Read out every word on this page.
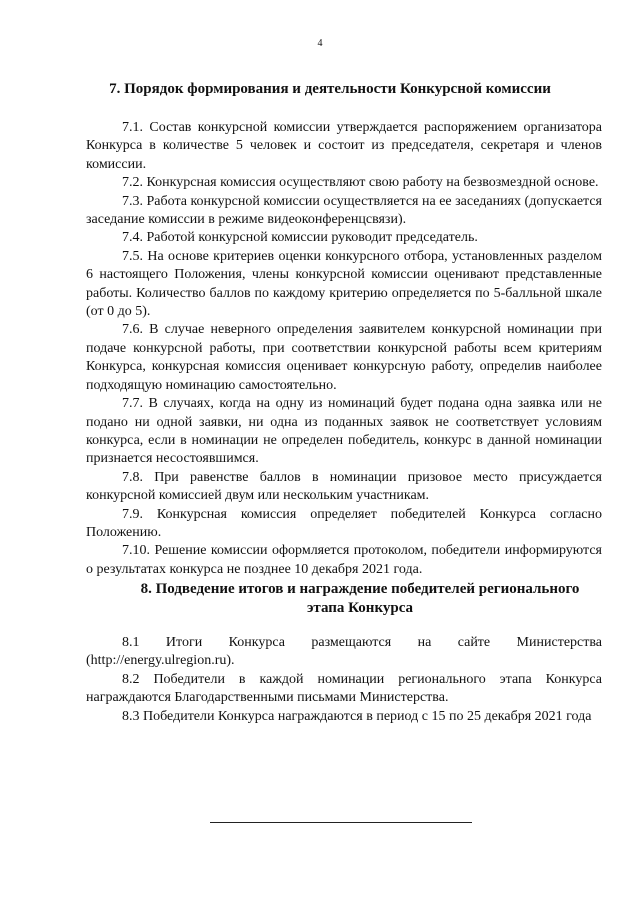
4
7. Порядок формирования и деятельности Конкурсной комиссии

7.1. Состав конкурсной комиссии утверждается распоряжением организатора Конкурса в количестве 5 человек и состоит из председателя, секретаря и членов комиссии.

7.2. Конкурсная комиссия осуществляют свою работу на безвозмездной основе.

7.3. Работа конкурсной комиссии осуществляется на ее заседаниях (допускается заседание комиссии в режиме видеоконференцсвязи).

7.4. Работой конкурсной комиссии руководит председатель.

7.5. На основе критериев оценки конкурсного отбора, установленных разделом 6 настоящего Положения, члены конкурсной комиссии оценивают представленные работы. Количество баллов по каждому критерию определяется по 5-балльной шкале (от 0 до 5).

7.6. В случае неверного определения заявителем конкурсной номинации при подаче конкурсной работы, при соответствии конкурсной работы всем критериям Конкурса, конкурсная комиссия оценивает конкурсную работу, определив наиболее подходящую номинацию самостоятельно.

7.7. В случаях, когда на одну из номинаций будет подана одна заявка или не подано ни одной заявки, ни одна из поданных заявок не соответствует условиям конкурса, если в номинации не определен победитель, конкурс в данной номинации признается несостоявшимся.

7.8. При равенстве баллов в номинации призовое место присуждается конкурсной комиссией двум или нескольким участникам.

7.9. Конкурсная комиссия определяет победителей Конкурса согласно Положению.

7.10. Решение комиссии оформляется протоколом, победители информируются о результатах конкурса не позднее 10 декабря 2021 года.

8. Подведение итогов и награждение победителей регионального этапа Конкурса

8.1 Итоги Конкурса размещаются на сайте Министерства (http://energy.ulregion.ru).

8.2 Победители в каждой номинации регионального этапа Конкурса награждаются Благодарственными письмами Министерства.

8.3 Победители Конкурса награждаются в период с 15 по 25 декабря 2021 года
